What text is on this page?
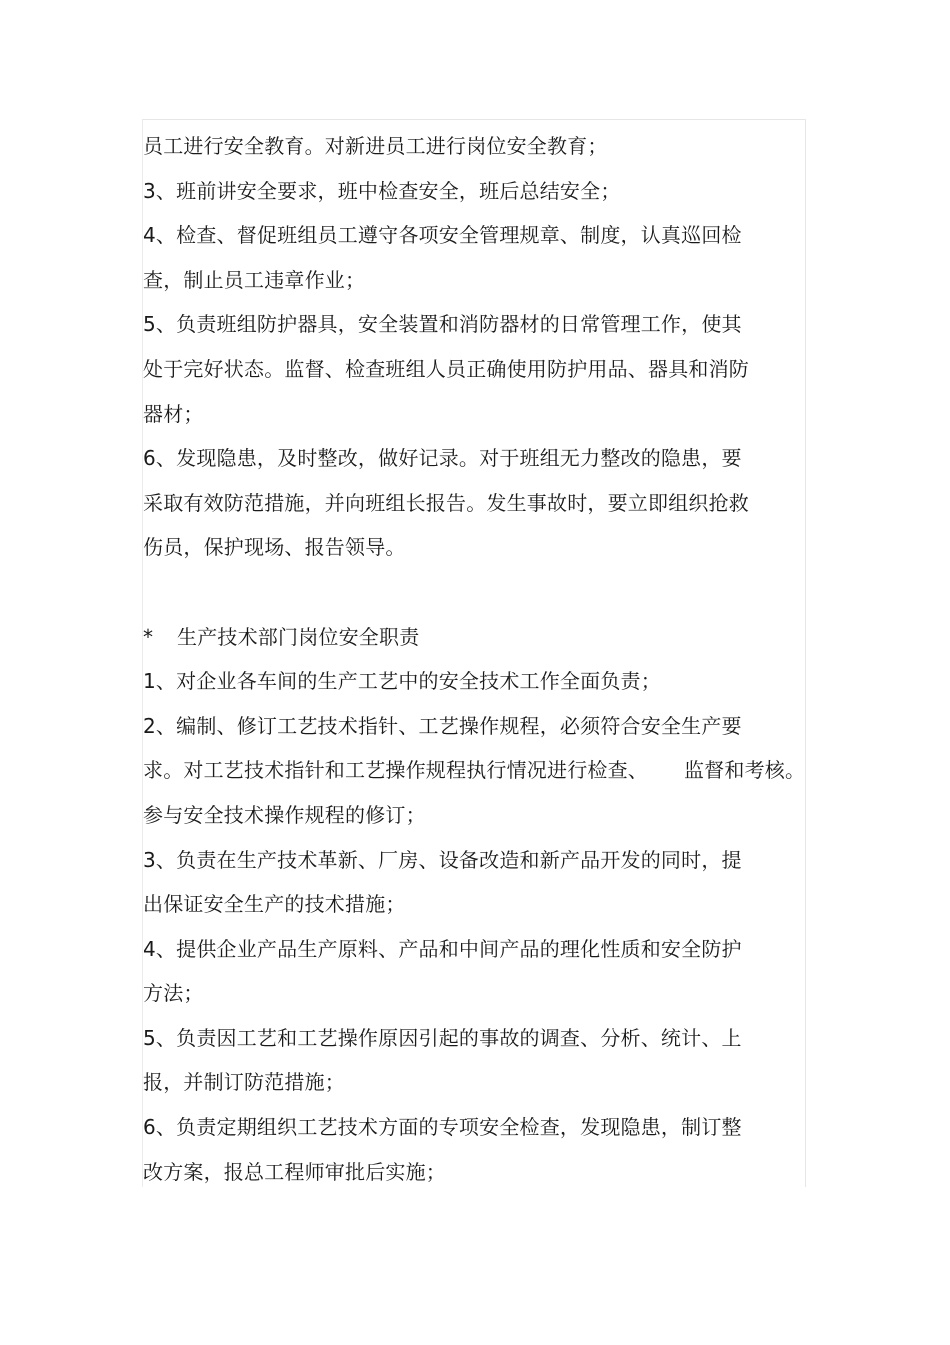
员工进行安全教育。对新进员工进行岗位安全教育；
3、班前讲安全要求，班中检查安全，班后总结安全；
4、检查、督促班组员工遵守各项安全管理规章、制度，认真巡回检
查，制止员工违章作业；
5、负责班组防护器具，安全装置和消防器材的日常管理工作，使其
处于完好状态。监督、检查班组人员正确使用防护用品、器具和消防
器材；
6、发现隐患，及时整改，做好记录。对于班组无力整改的隐患，要
采取有效防范措施，并向班组长报告。发生事故时，要立即组织抢救
伤员，保护现场、报告领导。
* 生产技术部门岗位安全职责
1、对企业各车间的生产工艺中的安全技术工作全面负责；
2、编制、修订工艺技术指针、工艺操作规程，必须符合安全生产要
求。对工艺技术指针和工艺操作规程执行情况进行检查、 监督和考核。
参与安全技术操作规程的修订；
3、负责在生产技术革新、厂房、设备改造和新产品开发的同时，提
出保证安全生产的技术措施；
4、提供企业产品生产原料、产品和中间产品的理化性质和安全防护
方法；
5、负责因工艺和工艺操作原因引起的事故的调查、分析、统计、上
报，并制订防范措施；
6、负责定期组织工艺技术方面的专项安全检查，发现隐患，制订整
改方案，报总工程师审批后实施；
